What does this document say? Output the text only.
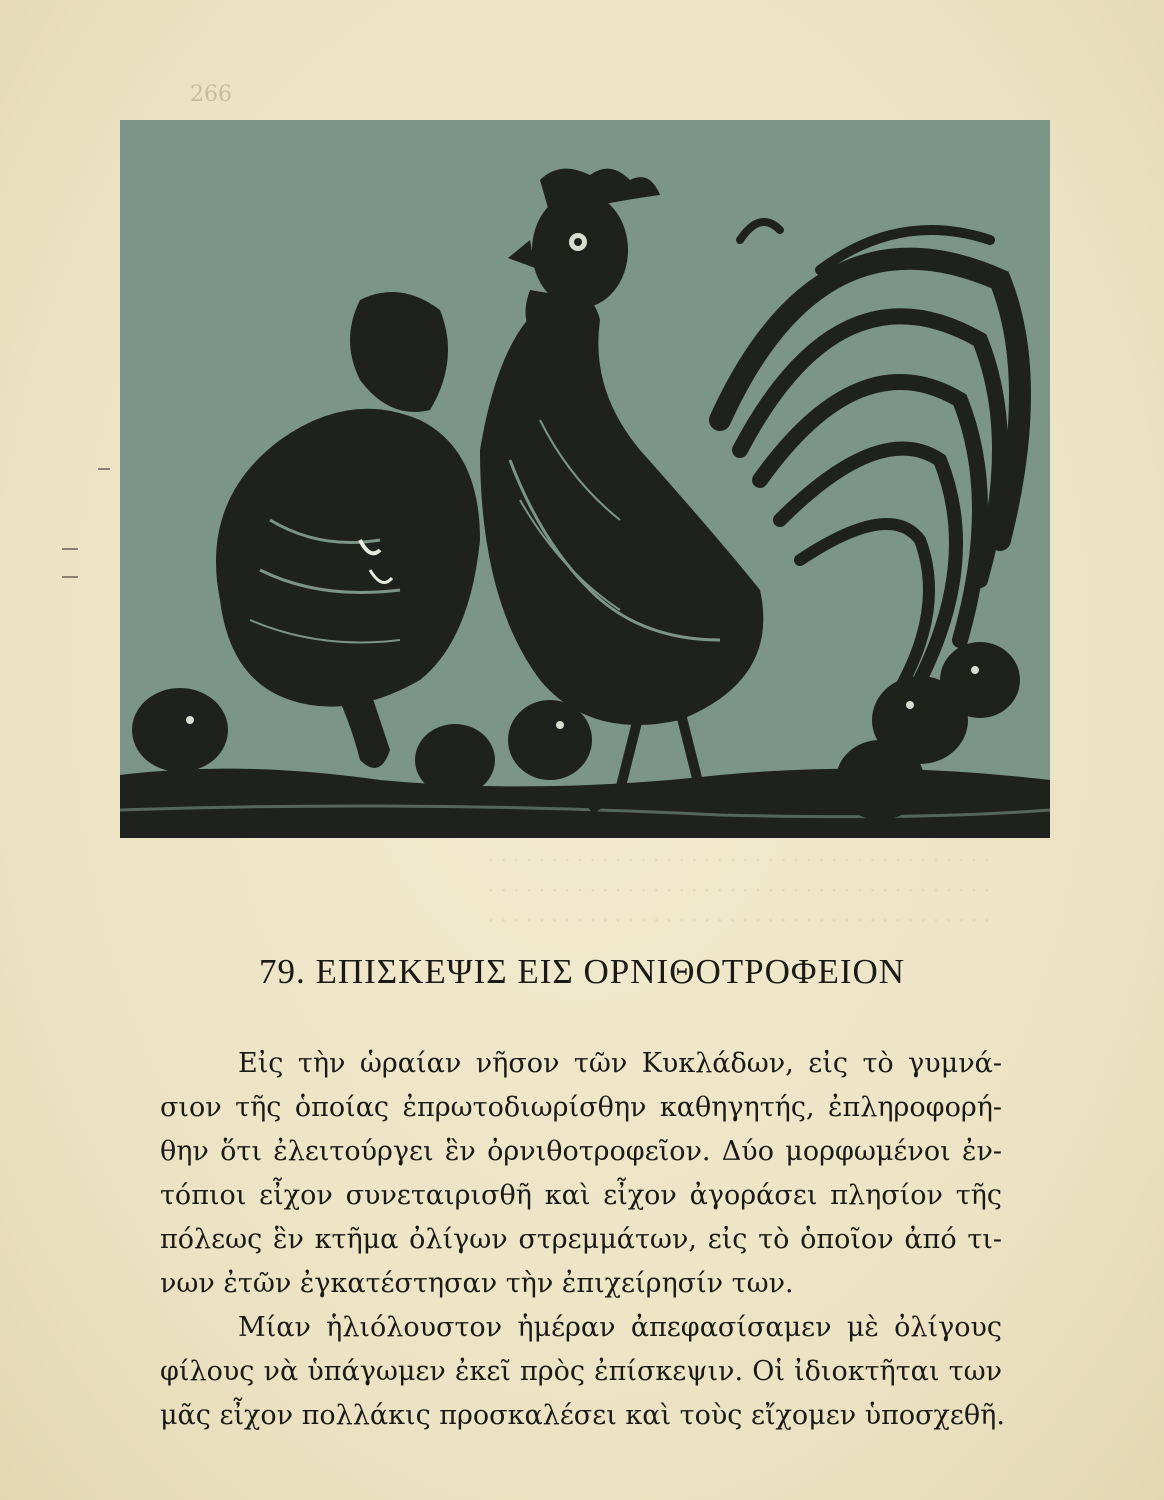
266
· · · · · · · · · · · · · · · · · · · · · · · · · · · · · · · · · · · · · · · ·
· · · · · · · · · · · · · · · · · · · · · · · · · · · · · · · · · · · · · · · ·
· · · · · · · · · · · · · · · · · · · · · · · · · · · · · · · · · · · · · · · ·
79. ΕΠΙΣΚΕΨΙΣ ΕΙΣ ΟΡΝΙΘΟΤΡΟΦΕΙΟΝ
Εἰς τὴν ὡραίαν νῆσον τῶν Κυκλάδων, εἰς τὸ γυμνά-
σιον τῆς ὁποίας ἐπρωτοδιωρίσθην καθηγητής, ἐπληροφορή-
θην ὅτι ἐλειτούργει ἓν ὀρνιθοτροφεῖον. Δύο μορφωμένοι ἐν-
τόπιοι εἶχον συνεταιρισθῆ καὶ εἶχον ἀγοράσει πλησίον τῆς
πόλεως ἓν κτῆμα ὀλίγων στρεμμάτων, εἰς τὸ ὁποῖον ἀπό τι-
νων ἐτῶν ἐγκατέστησαν τὴν ἐπιχείρησίν των.
Μίαν ἡλιόλουστον ἡμέραν ἀπεφασίσαμεν μὲ ὀλίγους
φίλους νὰ ὑπάγωμεν ἐκεῖ πρὸς ἐπίσκεψιν. Οἱ ἰδιοκτῆται των
μᾶς εἶχον πολλάκις προσκαλέσει καὶ τοὺς εἴχομεν ὑποσχεθῆ.
